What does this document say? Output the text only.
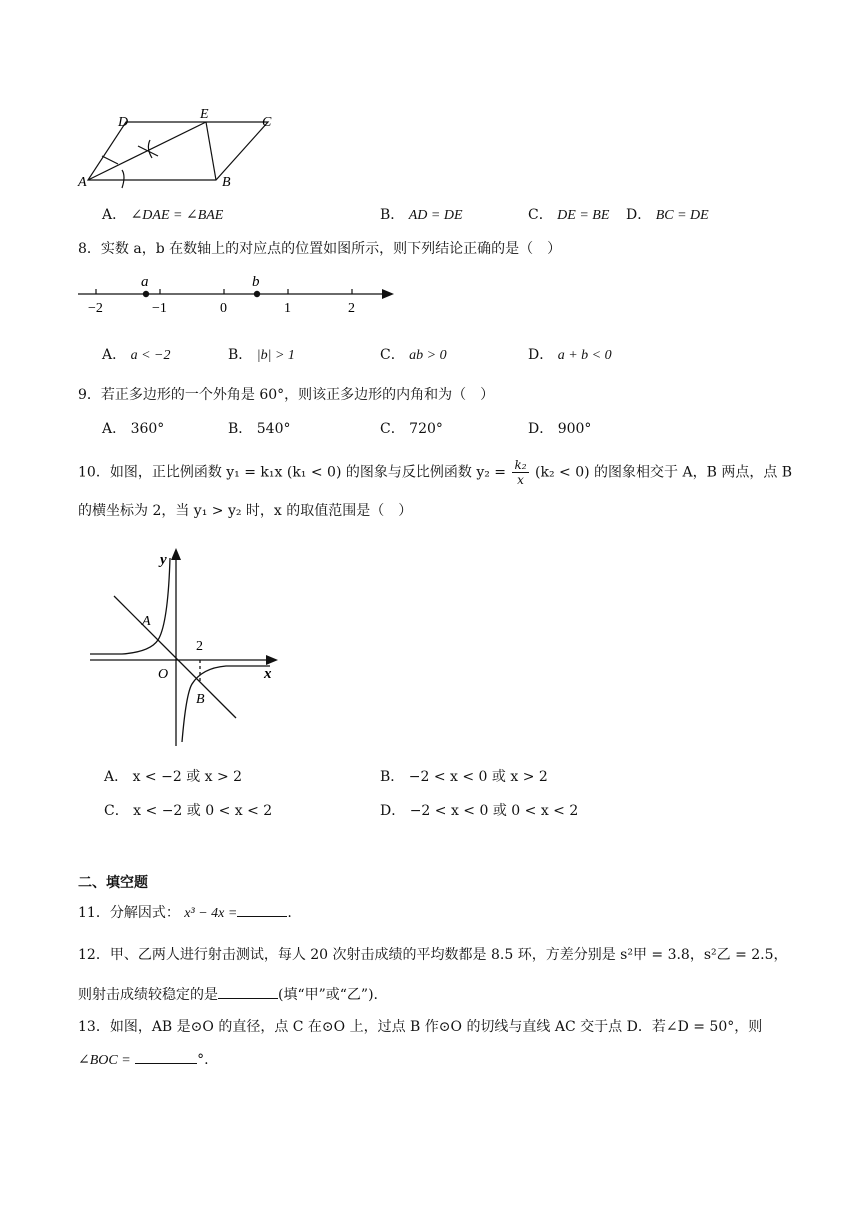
D
E
C
A	B
A． ∠DAE = ∠BAE	B． AD = DE	C． DE = BE D． BC = DE
8．实数 a，b 在数轴上的对应点的位置如图所示，则下列结论正确的是（　）
a	b
−2	−1	0	1	2
A． a < −2	B． |b| > 1	C． ab > 0	D． a + b < 0
9．若正多边形的一个外角是 60°，则该正多边形的内角和为（　）
A． 360°	B． 540°	C． 720°	D． 900°
10．如图，正比例函数 y₁ = k₁x (k₁ < 0) 的图象与反比例函数 $y_2 = \frac{\text{k₂}}{x} (k_2 < 0)$ 的图象相交于 A，B 两点，点 B
的横坐标为 2，当 y₁ > y₂ 时，x 的取值范围是（　）
y
x
O
A
B
2
A． x < −2 或 x > 2	B． −2 < x < 0 或 x > 2
C． x < −2 或 0 < x < 2	D． −2 < x < 0 或 0 < x < 2
二、填空题
11．分解因式： x³ − 4x =	.
12．甲、乙两人进行射击测试，每人 20 次射击成绩的平均数都是 8.5 环，方差分别是 s²甲 = 3.8，s²乙 = 2.5，
则射击成绩较稳定的是	(填“甲”或“乙”).
13．如图，AB 是⊙O 的直径，点 C 在⊙O 上，过点 B 作⊙O 的切线与直线 AC 交于点 D．若∠D = 50°，则
∠BOC =	°.
